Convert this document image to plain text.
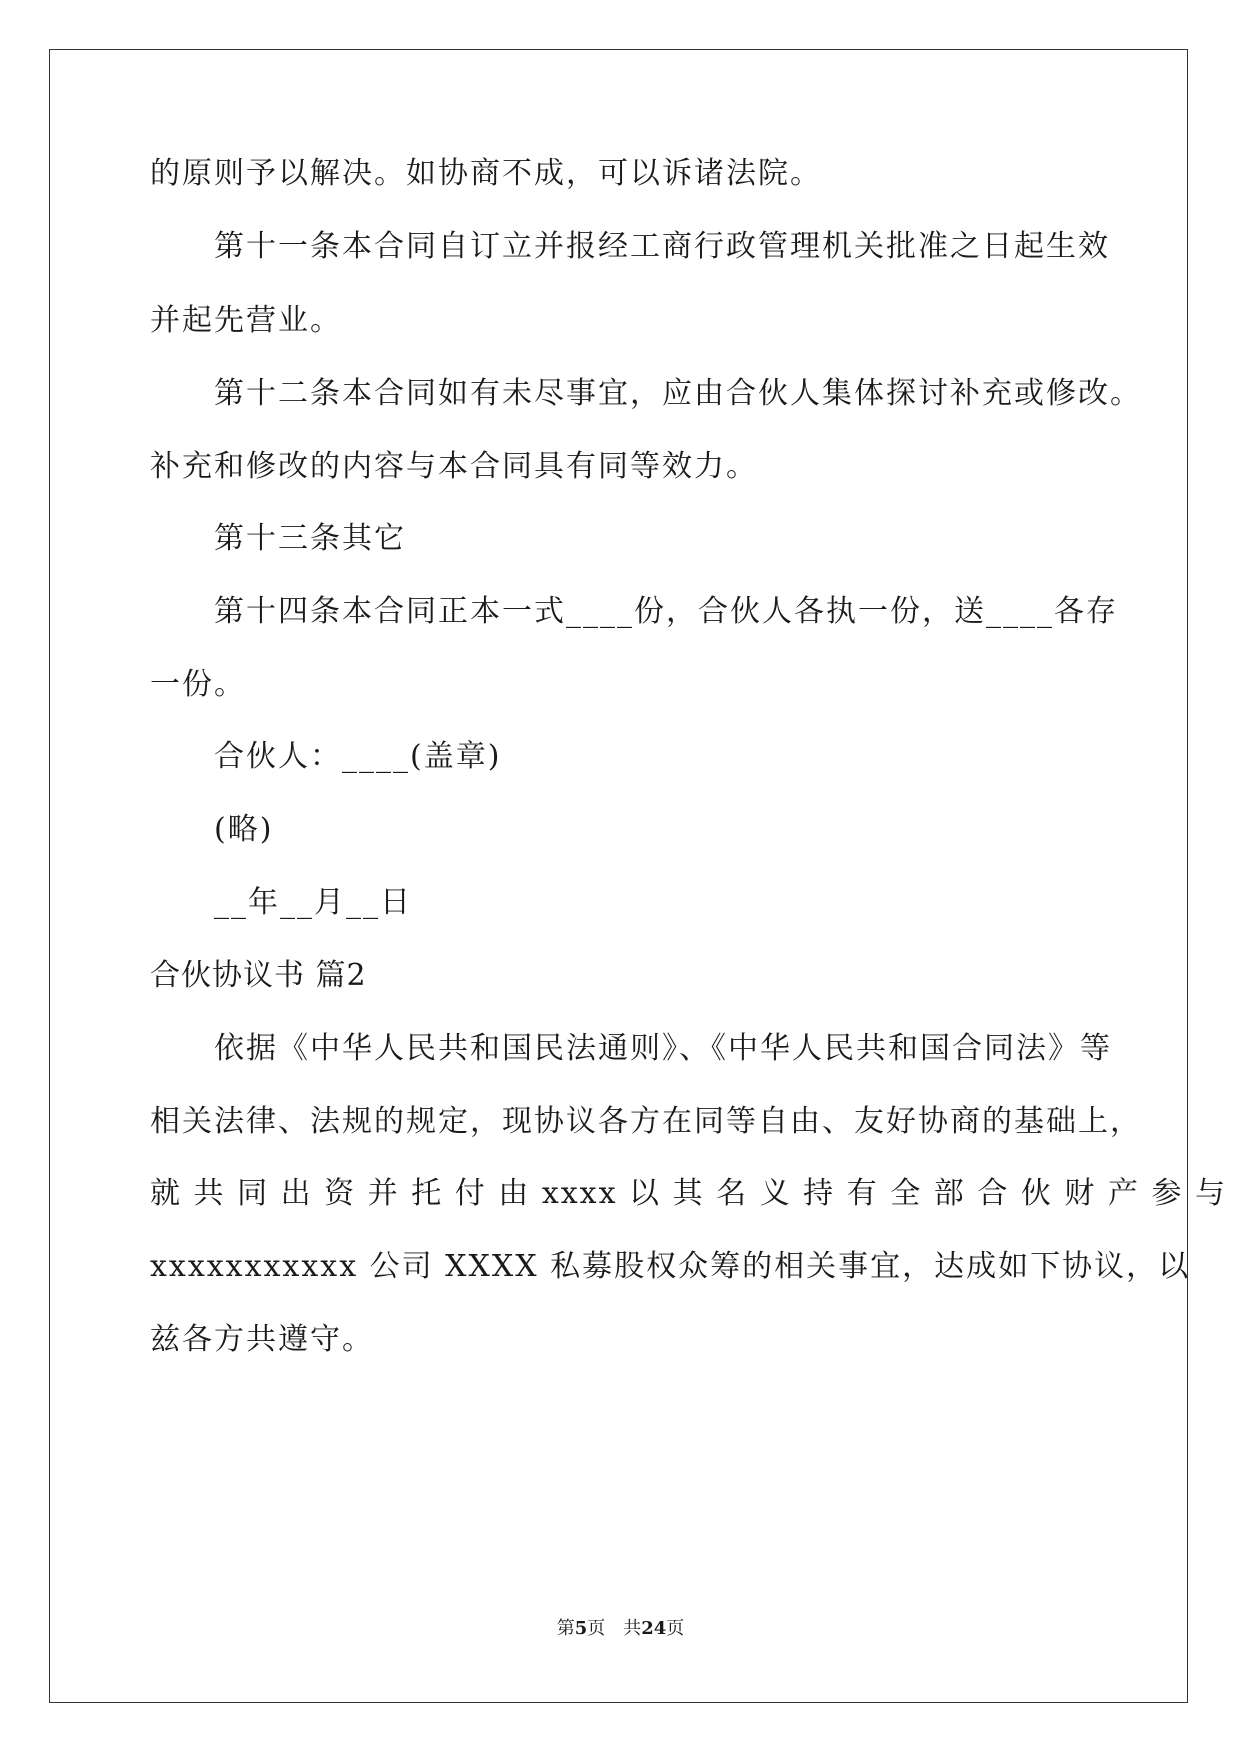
的原则予以解决。如协商不成，可以诉诸法院。
第十一条本合同自订立并报经工商行政管理机关批准之日起生效
并起先营业。
第十二条本合同如有未尽事宜，应由合伙人集体探讨补充或修改。
补充和修改的内容与本合同具有同等效力。
第十三条其它
第十四条本合同正本一式____份，合伙人各执一份，送____各存
一份。
合伙人：____(盖章)
(略)
__年__月__日
合伙协议书 篇2
依据《中华人民共和国民法通则》、《中华人民共和国合同法》等
相关法律、法规的规定，现协议各方在同等自由、友好协商的基础上，
就 共 同 出 资 并 托 付 由 xxxx 以 其 名 义 持 有 全 部 合 伙 财 产 参 与
xxxxxxxxxxx 公司 XXXX 私募股权众筹的相关事宜，达成如下协议，以
兹各方共遵守。
第5页　共24页
